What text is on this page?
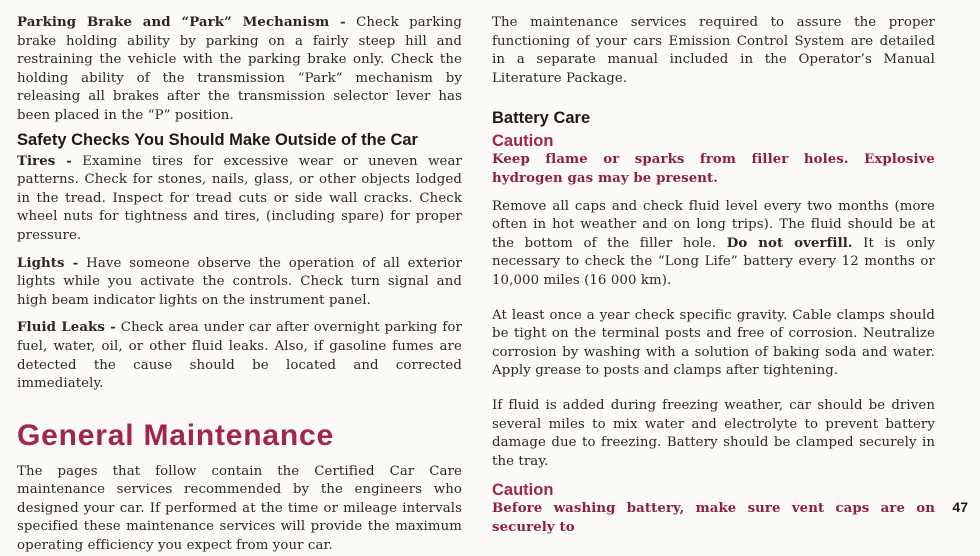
Parking Brake and “Park” Mechanism - Check parking brake holding ability by parking on a fairly steep hill and restraining the vehicle with the parking brake only. Check the holding ability of the transmission “Park” mechanism by releasing all brakes after the transmission selector lever has been placed in the “P” position.

Safety Checks You Should Make Outside of the Car

Tires - Examine tires for excessive wear or uneven wear patterns. Check for stones, nails, glass, or other objects lodged in the tread. Inspect for tread cuts or side wall cracks. Check wheel nuts for tightness and tires, (including spare) for proper pressure.

Lights - Have someone observe the operation of all exterior lights while you activate the controls. Check turn signal and high beam indicator lights on the instrument panel.

Fluid Leaks - Check area under car after overnight parking for fuel, water, oil, or other fluid leaks. Also, if gasoline fumes are detected the cause should be located and corrected immediately.

General Maintenance

The pages that follow contain the Certified Car Care maintenance services recommended by the engineers who designed your car. If performed at the time or mileage intervals specified these maintenance services will provide the maximum operating efficiency you expect from your car.

The maintenance services required to assure the proper functioning of your cars Emission Control System are detailed in a separate manual included in the Operator’s Manual Literature Package.

Battery Care
Caution

Keep flame or sparks from filler holes. Explosive hydrogen gas may be present.

Remove all caps and check fluid level every two months (more often in hot weather and on long trips). The fluid should be at the bottom of the filler hole. Do not overfill. It is only necessary to check the “Long Life” battery every 12 months or 10,000 miles (16 000 km).

At least once a year check specific gravity. Cable clamps should be tight on the terminal posts and free of corrosion. Neutralize corrosion by washing with a solution of baking soda and water. Apply grease to posts and clamps after tightening.

If fluid is added during freezing weather, car should be driven several miles to mix water and electrolyte to prevent battery damage due to freezing. Battery should be clamped securely in the tray.

Caution

Before washing battery, make sure vent caps are on securely to

47
